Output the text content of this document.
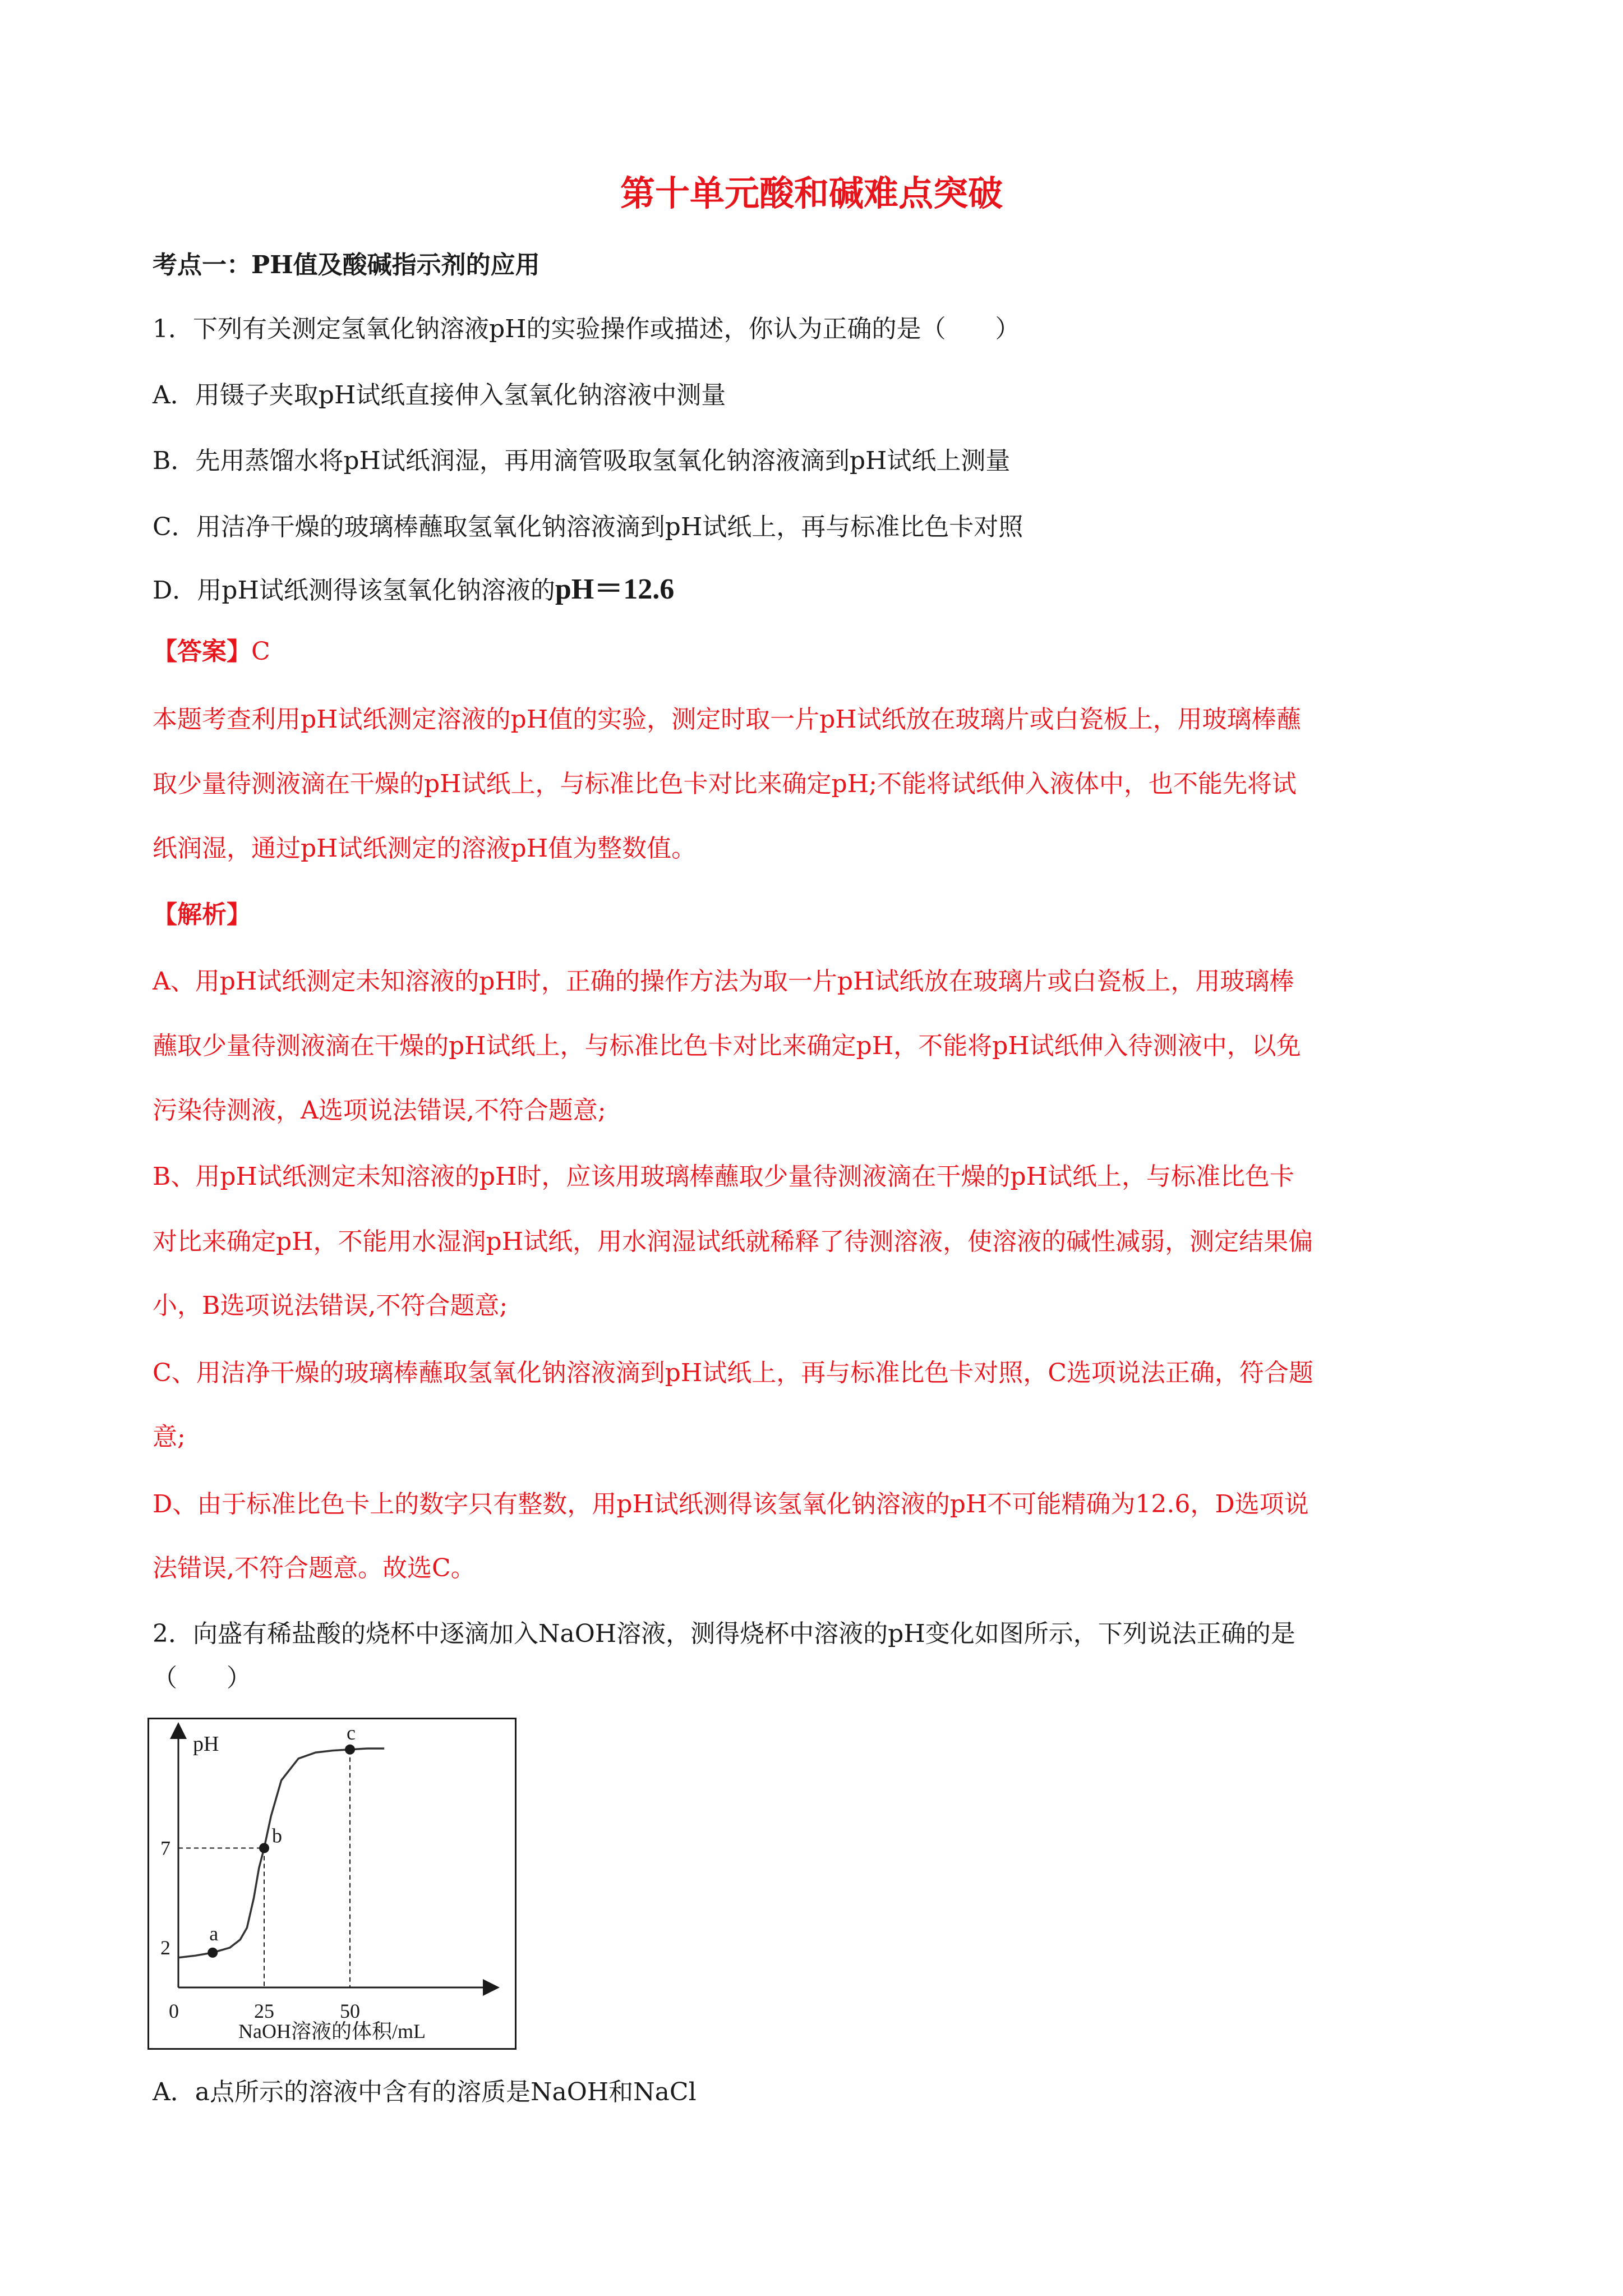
第十单元酸和碱难点突破
考点一：PH值及酸碱指示剂的应用
1．下列有关测定氢氧化钠溶液pH的实验操作或描述，你认为正确的是（　　）
A．用镊子夹取pH试纸直接伸入氢氧化钠溶液中测量
B．先用蒸馏水将pH试纸润湿，再用滴管吸取氢氧化钠溶液滴到pH试纸上测量
C．用洁净干燥的玻璃棒蘸取氢氧化钠溶液滴到pH试纸上，再与标准比色卡对照
D．用pH试纸测得该氢氧化钠溶液的pH＝12.6
【答案】C
本题考查利用pH试纸测定溶液的pH值的实验，测定时取一片pH试纸放在玻璃片或白瓷板上，用玻璃棒蘸
取少量待测液滴在干燥的pH试纸上，与标准比色卡对比来确定pH;不能将试纸伸入液体中，也不能先将试
纸润湿，通过pH试纸测定的溶液pH值为整数值。
【解析】
A、用pH试纸测定未知溶液的pH时，正确的操作方法为取一片pH试纸放在玻璃片或白瓷板上，用玻璃棒
蘸取少量待测液滴在干燥的pH试纸上，与标准比色卡对比来确定pH，不能将pH试纸伸入待测液中，以免
污染待测液，A选项说法错误,不符合题意;
B、用pH试纸测定未知溶液的pH时，应该用玻璃棒蘸取少量待测液滴在干燥的pH试纸上，与标准比色卡
对比来确定pH，不能用水湿润pH试纸，用水润湿试纸就稀释了待测溶液，使溶液的碱性减弱，测定结果偏
小，B选项说法错误,不符合题意;
C、用洁净干燥的玻璃棒蘸取氢氧化钠溶液滴到pH试纸上，再与标准比色卡对照，C选项说法正确，符合题
意;
D、由于标准比色卡上的数字只有整数，用pH试纸测得该氢氧化钠溶液的pH不可能精确为12.6，D选项说
法错误,不符合题意。故选C。
2．向盛有稀盐酸的烧杯中逐滴加入NaOH溶液，测得烧杯中溶液的pH变化如图所示，下列说法正确的是
（　　）
a
b
c
0	25	50
2
7
pH
NaOH溶液的体积/mL
A．a点所示的溶液中含有的溶质是NaOH和NaCl
